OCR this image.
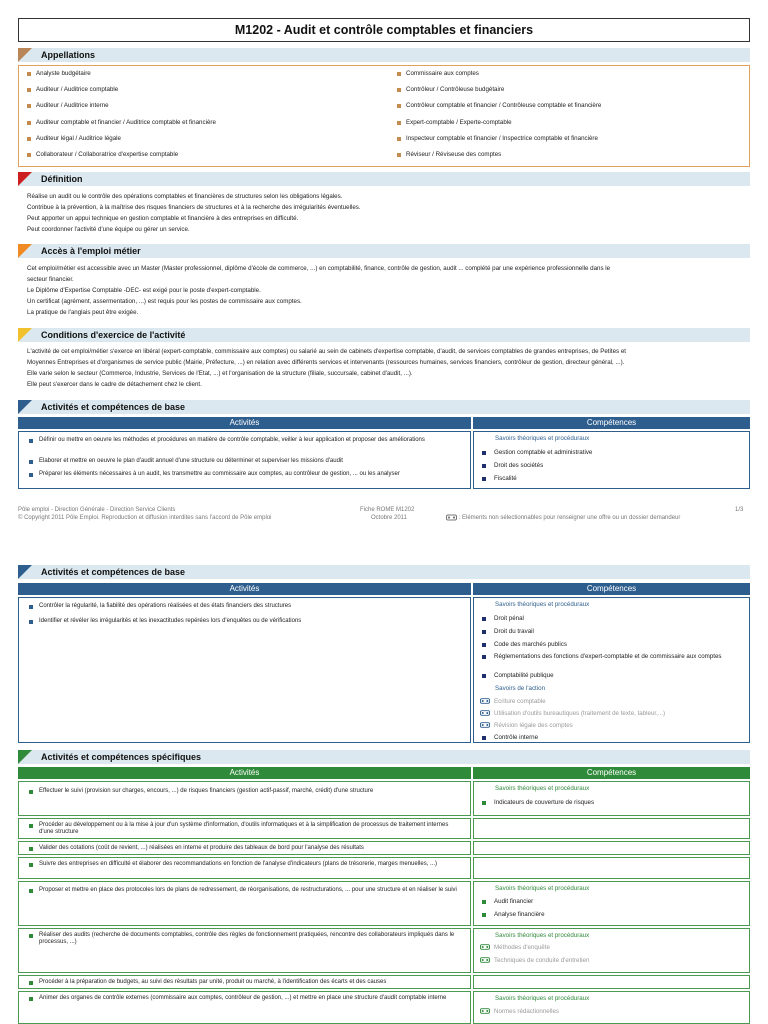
M1202 - Audit et contrôle comptables et financiers
Appellations
Analyste budgétaire
Auditeur / Auditrice comptable
Auditeur / Auditrice interne
Auditeur comptable et financier / Auditrice comptable et financière
Auditeur légal / Auditrice légale
Collaborateur / Collaboratrice d'expertise comptable
Commissaire aux comptes
Contrôleur / Contrôleuse budgétaire
Contrôleur comptable et financier / Contrôleuse comptable et financière
Expert-comptable / Experte-comptable
Inspecteur comptable et financier / Inspectrice comptable et financière
Réviseur / Réviseuse des comptes
Définition
Réalise un audit ou le contrôle des opérations comptables et financières de structures selon les obligations légales.
Contribue à la prévention, à la maîtrise des risques financiers de structures et à la recherche des irrégularités éventuelles.
Peut apporter un appui technique en gestion comptable et financière à des entreprises en difficulté.
Peut coordonner l'activité d'une équipe ou gérer un service.
Accès à l'emploi métier
Cet emploi/métier est accessible avec un Master (Master professionnel, diplôme d'école de commerce, ...) en comptabilité, finance, contrôle de gestion, audit ... complété par une expérience professionnelle dans le
secteur financier.
Le Diplôme d'Expertise Comptable -DEC- est exigé pour le poste d'expert-comptable.
Un certificat (agrément, assermentation, ...) est requis pour les postes de commissaire aux comptes.
La pratique de l'anglais peut être exigée.
Conditions d'exercice de l'activité
L'activité de cet emploi/métier s'exerce en libéral (expert-comptable, commissaire aux comptes) ou salarié au sein de cabinets d'expertise comptable, d'audit, de services comptables de grandes entreprises, de Petites et
Moyennes Entreprises et d'organismes de service public (Mairie, Préfecture, ...) en relation avec différents services et intervenants (ressources humaines, services financiers, contrôleur de gestion, directeur général, ...).
Elle varie selon le secteur (Commerce, Industrie, Services de l'Etat, ...) et l'organisation de la structure (filiale, succursale, cabinet d'audit, ...).
Elle peut s'exercer dans le cadre de détachement chez le client.
Activités et compétences de base
Activités	Compétences
Définir ou mettre en oeuvre les méthodes et procédures en matière de contrôle comptable, veiller à leur application et proposer des améliorations
Elaborer et mettre en oeuvre le plan d'audit annuel d'une structure ou déterminer et superviser les missions d'audit
Préparer les éléments nécessaires à un audit, les transmettre au commissaire aux comptes, au contrôleur de gestion, ... ou les analyser
Savoirs théoriques et procéduraux
Gestion comptable et administrative
Droit des sociétés
Fiscalité
Pôle emploi - Direction Générale - Direction Service Clients
© Copyright 2011 Pôle Emploi. Reproduction et diffusion interdites sans l'accord de Pôle emploi
Fiche ROME M1202
Octobre 2011
1/3
: Eléments non sélectionnables pour renseigner une offre ou un dossier demandeur
Activités et compétences de base
Activités	Compétences
Contrôler la régularité, la fiabilité des opérations réalisées et des états financiers des structures
Identifier et révéler les irrégularités et les inexactitudes repérées lors d'enquêtes ou de vérifications
Savoirs théoriques et procéduraux
Droit pénal
Droit du travail
Code des marchés publics
Réglementations des fonctions d'expert-comptable et de commissaire aux comptes
Comptabilité publique
Savoirs de l'action
Ecriture comptable
Utilisation d'outils bureautiques (traitement de texte, tableur,...)
Révision légale des comptes
Contrôle interne
Activités et compétences spécifiques
Activités	Compétences
Effectuer le suivi (provision sur charges, encours, ...) de risques financiers (gestion actif-passif, marché, crédit) d'une structure	Savoirs théoriques et procéduraux
Indicateurs de couverture de risques
Procéder au développement ou à la mise à jour d'un système d'information, d'outils informatiques et à la simplification de processus de traitement internes d'une structure
Valider des cotations (coût de revient, ...) réalisées en interne et produire des tableaux de bord pour l'analyse des résultats
Suivre des entreprises en difficulté et élaborer des recommandations en fonction de l'analyse d'indicateurs (plans de trésorerie, marges menuelles, ...)
Proposer et mettre en place des protocoles lors de plans de redressement, de réorganisations, de restructurations, ... pour une structure et en réaliser le suivi	Savoirs théoriques et procéduraux
Audit financier
Analyse financière
Réaliser des audits (recherche de documents comptables, contrôle des règles de fonctionnement pratiquées, rencontre des collaborateurs impliqués dans le processus, ...)
Savoirs théoriques et procéduraux
Méthodes d'enquête
Techniques de conduite d'entretien
Procéder à la préparation de budgets, au suivi des résultats par unité, produit ou marché, à l'identification des écarts et des causes
Animer des organes de contrôle externes (commissaire aux comptes, contrôleur de gestion, ...) et mettre en place une structure d'audit comptable interne	Savoirs théoriques et procéduraux
Normes rédactionnelles
